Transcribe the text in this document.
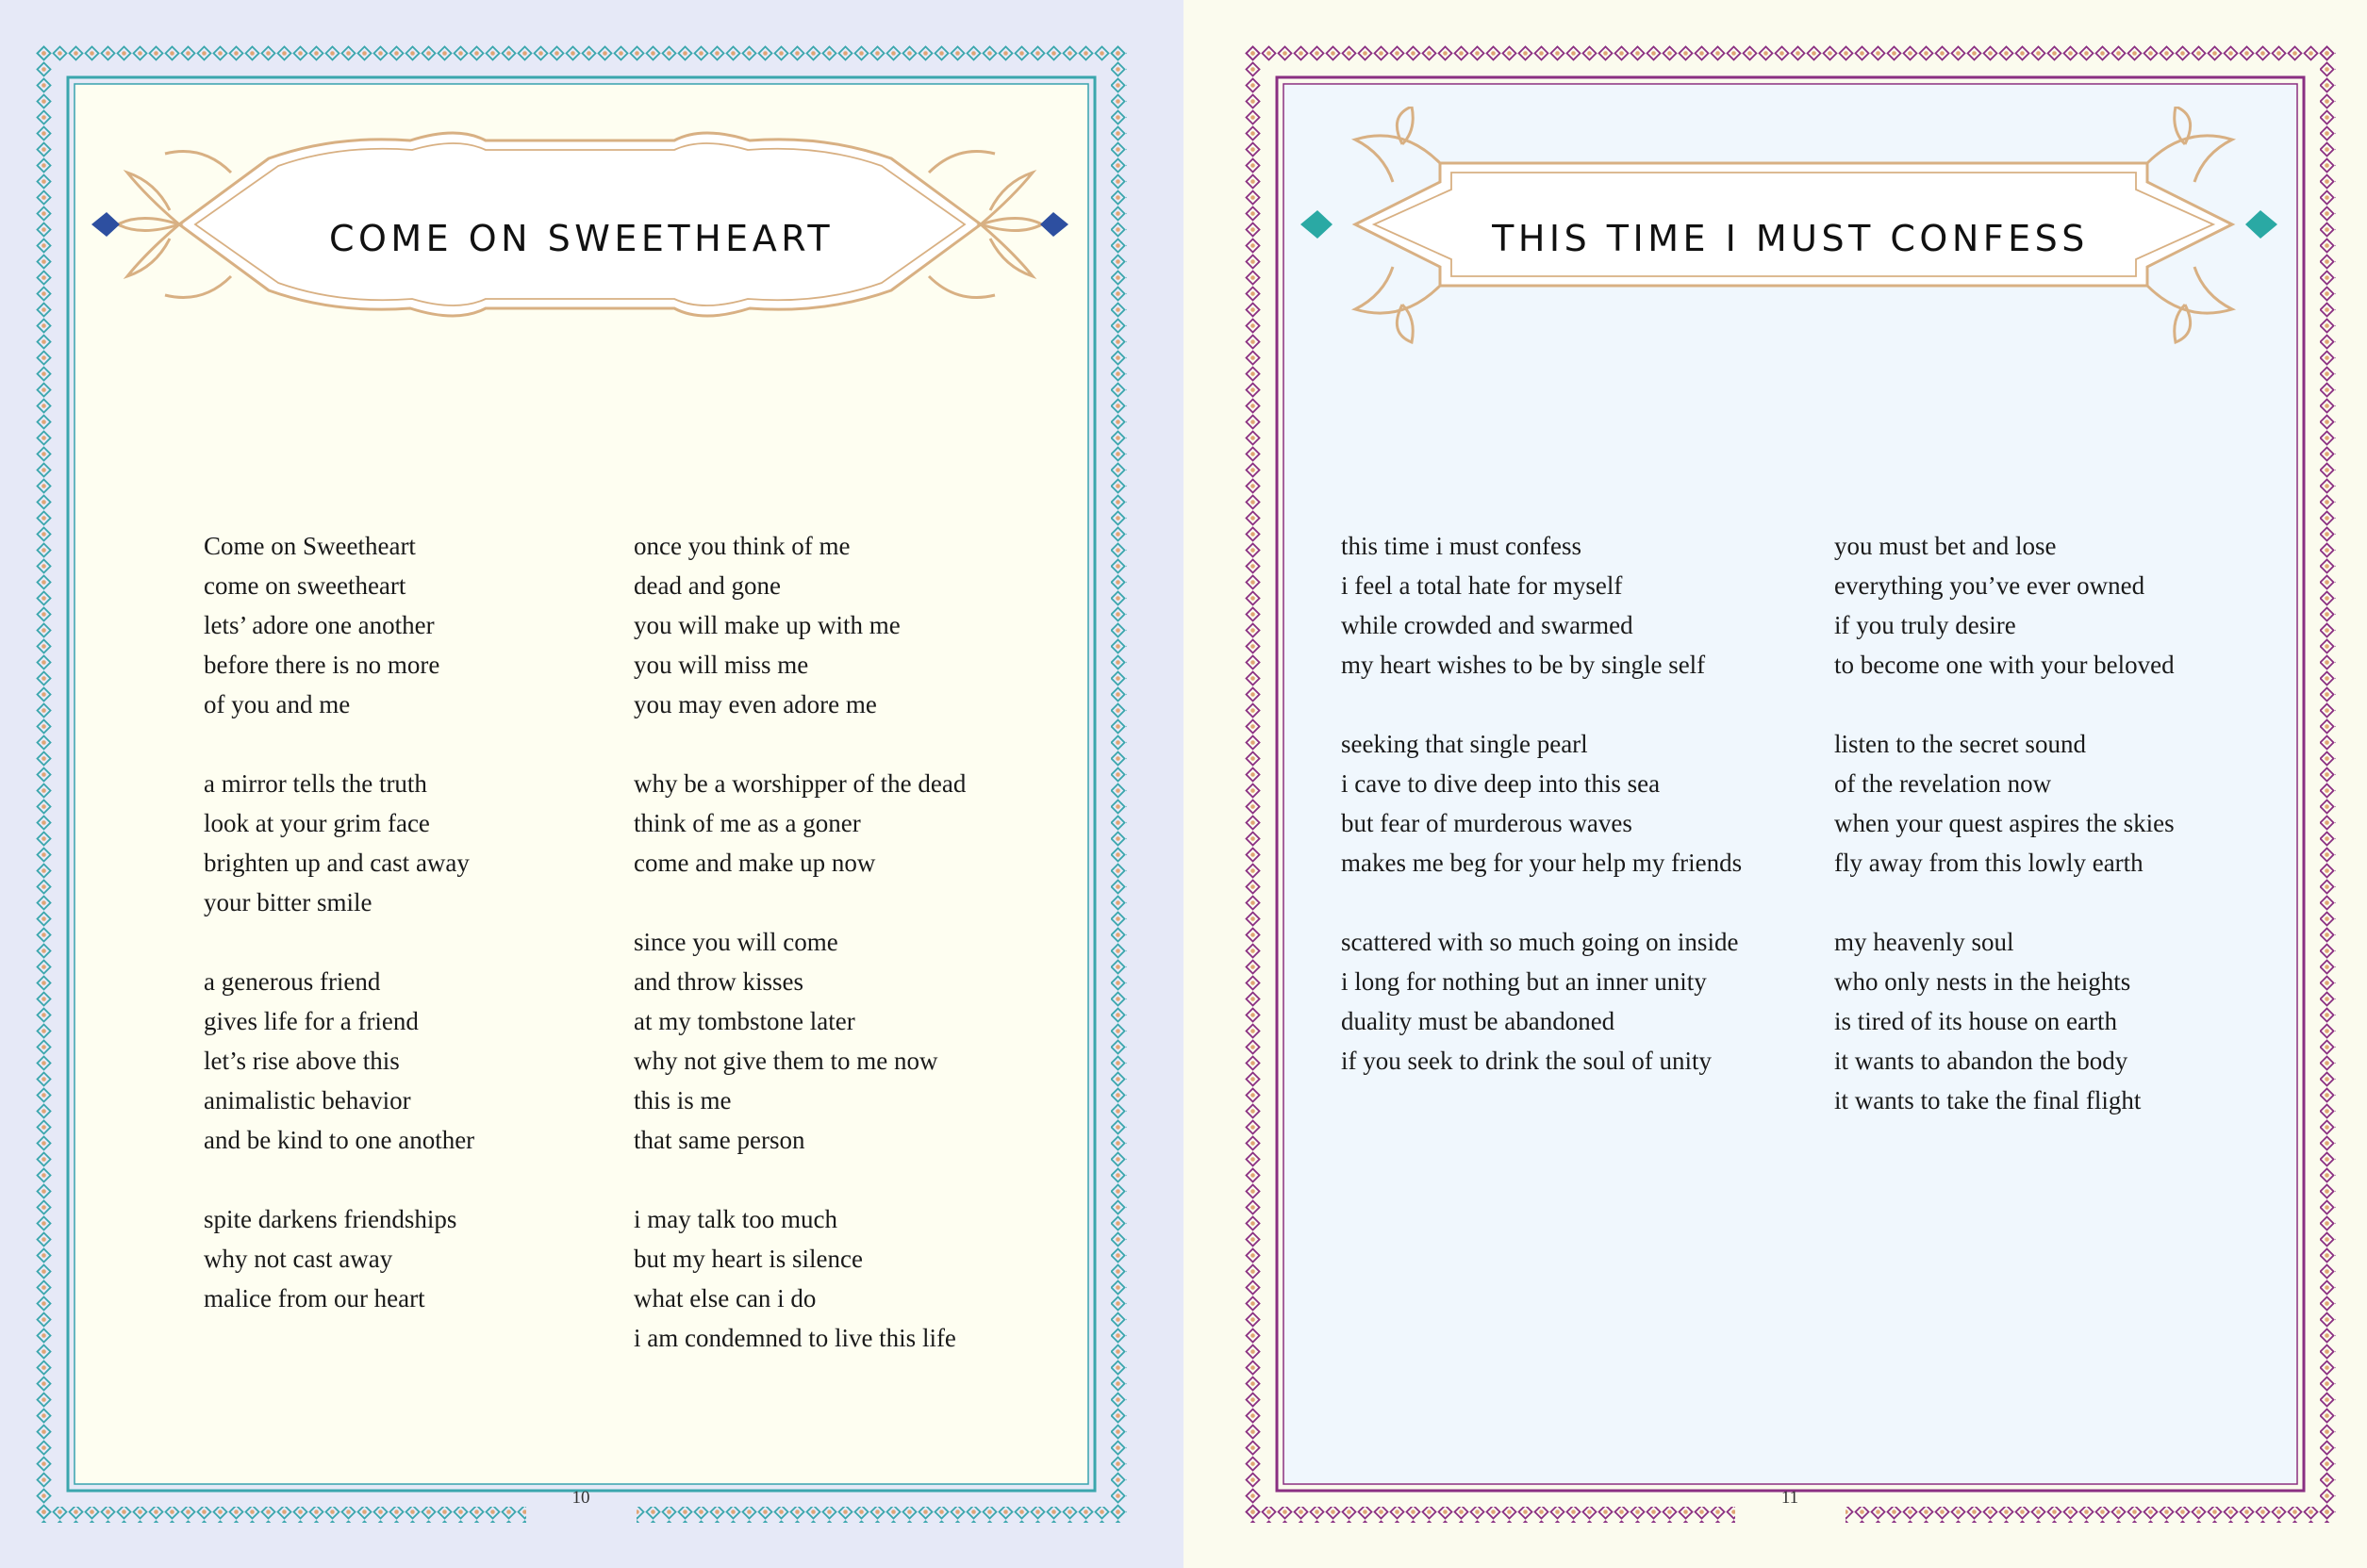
COME ON SWEETHEART
Come on Sweetheart
come on sweetheart
lets’ adore one another
before there is no more
of you and me
a mirror tells the truth
look at your grim face
brighten up and cast away
your bitter smile
a generous friend
gives life for a friend
let’s rise above this
animalistic behavior
and be kind to one another
spite darkens friendships
why not cast away
malice from our heart
once you think of me
dead and gone
you will make up with me
you will miss me
you may even adore me
why be a worshipper of the dead
think of me as a goner
come and make up now
since you will come
and throw kisses
at my tombstone later
why not give them to me now
this is me
that same person
i may talk too much
but my heart is silence
what else can i do
i am condemned to live this life
10
THIS TIME I MUST CONFESS
this time i must confess
i feel a total hate for myself
while crowded and swarmed
my heart wishes to be by single self
seeking that single pearl
i cave to dive deep into this sea
but fear of murderous waves
makes me beg for your help my friends
scattered with so much going on inside
i long for nothing but an inner unity
duality must be abandoned
if you seek to drink the soul of unity
you must bet and lose
everything you’ve ever owned
if you truly desire
to become one with your beloved
listen to the secret sound
of the revelation now
when your quest aspires the skies
fly away from this lowly earth
my heavenly soul
who only nests in the heights
is tired of its house on earth
it wants to abandon the body
it wants to take the final flight
11
